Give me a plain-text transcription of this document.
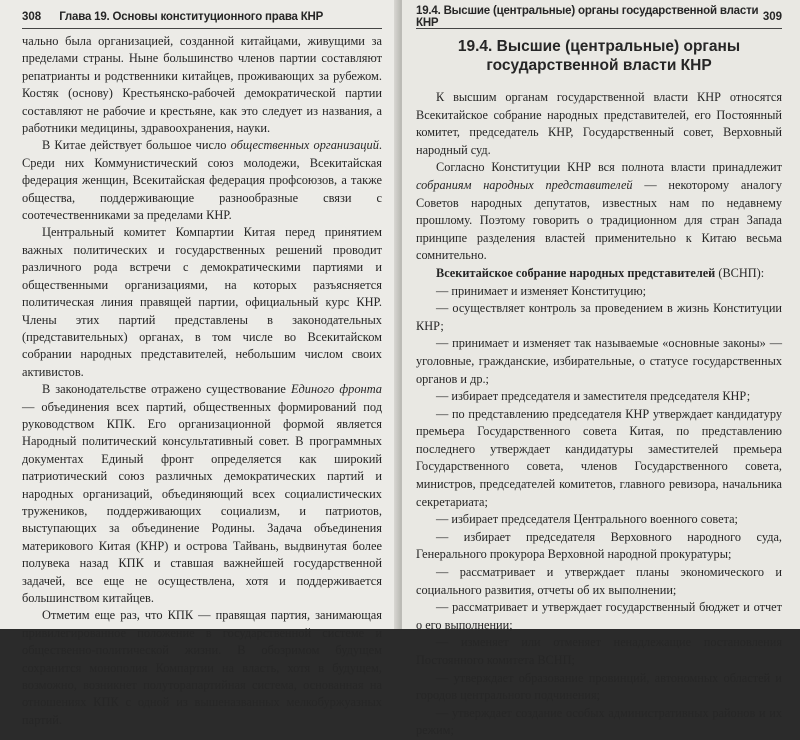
308 Глава 19. Основы конституционного права КНР

чально была организацией, созданной китайцами, живущими за пределами страны. Ныне большинство членов партии составляют репатрианты и родственники китайцев, проживающих за рубежом. Костяк (основу) Крестьянско-рабочей демократической партии составляют не рабочие и крестьяне, как это следует из названия, а работники медицины, здравоохранения, науки.

В Китае действует большое число общественных организаций. Среди них Коммунистический союз молодежи, Всекитайская федерация женщин, Всекитайская федерация профсоюзов, а также общества, поддерживающие разнообразные связи с соотечественниками за пределами КНР.

Центральный комитет Компартии Китая перед принятием важных политических и государственных решений проводит различного рода встречи с демократическими партиями и общественными организациями, на которых разъясняется политическая линия правящей партии, официальный курс КНР. Члены этих партий представлены в законодательных (представительных) органах, в том числе во Всекитайском собрании народных представителей, небольшим числом своих активистов.

В законодательстве отражено существование Единого фронта — объединения всех партий, общественных формирований под руководством КПК. Его организационной формой является Народный политический консультативный совет. В программных документах Единый фронт определяется как широкий патриотический союз различных демократических партий и народных организаций, объединяющий всех социалистических тружеников, поддерживающих социализм, и патриотов, выступающих за объединение Родины. Задача объединения материкового Китая (КНР) и острова Тайвань, выдвинутая более полувека назад КПК и ставшая важнейшей государственной задачей, все еще не осуществлена, хотя и поддерживается большинством китайцев.

Отметим еще раз, что КПК — правящая партия, занимающая привилегированное положение в государственной системе и общественно-политической жизни. В обозримом будущем сохранится монополия Компартии на власть, хотя в будущем, возможно, возникнет полуторапартийная система, основанная на отношениях КПК с одной из вышеназванных мелкобуржуазных партий.

19.4. Высшие (центральные) органы государственной власти КНР	309
19.4. Высшие (центральные) органы государственной власти КНР

К высшим органам государственной власти КНР относятся Всекитайское собрание народных представителей, его Постоянный комитет, председатель КНР, Государственный совет, Верховный народный суд.

Согласно Конституции КНР вся полнота власти принадлежит собраниям народных представителей — некоторому аналогу Советов народных депутатов, известных нам по недавнему прошлому. Поэтому говорить о традиционном для стран Запада принципе разделения властей применительно к Китаю весьма сомнительно.

Всекитайское собрание народных представителей (ВСНП):

— принимает и изменяет Конституцию;

— осуществляет контроль за проведением в жизнь Конституции КНР;

— принимает и изменяет так называемые «основные законы» — уголовные, гражданские, избирательные, о статусе государственных органов и др.;

— избирает председателя и заместителя председателя КНР;

— по представлению председателя КНР утверждает кандидатуру премьера Государственного совета Китая, по представлению последнего утверждает кандидатуры заместителей премьера Государственного совета, членов Государственного совета, министров, председателей комитетов, главного ревизора, начальника секретариата;

— избирает председателя Центрального военного совета;

— избирает председателя Верховного народного суда, Генерального прокурора Верховной народной прокуратуры;

— рассматривает и утверждает планы экономического и социального развития, отчеты об их выполнении;

— рассматривает и утверждает государственный бюджет и отчет о его выполнении;

— изменяет или отменяет ненадлежащие постановления Постоянного комитета ВСНП;

— утверждает образование провинций, автономных областей и городов центрального подчинения;

— утверждает создание особых административных районов и их режим;
